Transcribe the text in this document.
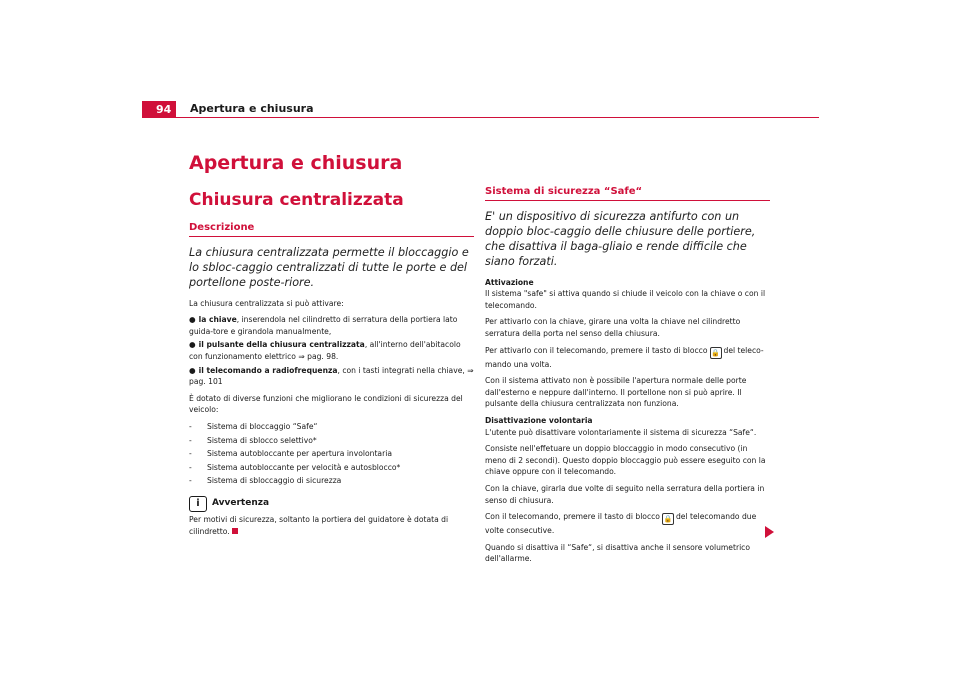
94	Apertura e chiusura
Apertura e chiusura
Chiusura centralizzata
Descrizione
La chiusura centralizzata permette il bloccaggio e lo sbloc-caggio centralizzati di tutte le porte e del portellone poste-riore.

La chiusura centralizzata si può attivare:

● la chiave, inserendola nel cilindretto di serratura della portiera lato guida-tore e girandola manualmente,
● il pulsante della chiusura centralizzata, all'interno dell'abitacolo con funzionamento elettrico ⇒ pag. 98.
● il telecomando a radiofrequenza, con i tasti integrati nella chiave, ⇒ pag. 101

È dotato di diverse funzioni che migliorano le condizioni di sicurezza del veicolo:

-	Sistema di bloccaggio “Safe“
-	Sistema di sblocco selettivo*
-	Sistema autobloccante per apertura involontaria
-	Sistema autobloccante per velocità e autosblocco*
-	Sistema di sbloccaggio di sicurezza
i	Avvertenza

Per motivi di sicurezza, soltanto la portiera del guidatore è dotata di cilindretto.

Sistema di sicurezza “Safe“
E' un dispositivo di sicurezza antifurto con un doppio bloc-caggio delle chiusure delle portiere, che disattiva il baga-gliaio e rende difficile che siano forzati.

Attivazione

Il sistema "safe" si attiva quando si chiude il veicolo con la chiave o con il telecomando.

Per attivarlo con la chiave, girare una volta la chiave nel cilindretto serratura della porta nel senso della chiusura.

Per attivarlo con il telecomando, premere il tasto di blocco 🔒 del teleco-mando una volta.

Con il sistema attivato non è possibile l'apertura normale delle porte dall'esterno e neppure dall'interno. Il portellone non si può aprire. Il pulsante della chiusura centralizzata non funziona.

Disattivazione volontaria

L'utente può disattivare volontariamente il sistema di sicurezza “Safe“.

Consiste nell'effetuare un doppio bloccaggio in modo consecutivo (in meno di 2 secondi). Questo doppio bloccaggio può essere eseguito con la chiave oppure con il telecomando.

Con la chiave, girarla due volte di seguito nella serratura della portiera in senso di chiusura.

Con il telecomando, premere il tasto di blocco 🔒 del telecomando due volte consecutive.

Quando si disattiva il “Safe“, si disattiva anche il sensore volumetrico dell'allarme.
